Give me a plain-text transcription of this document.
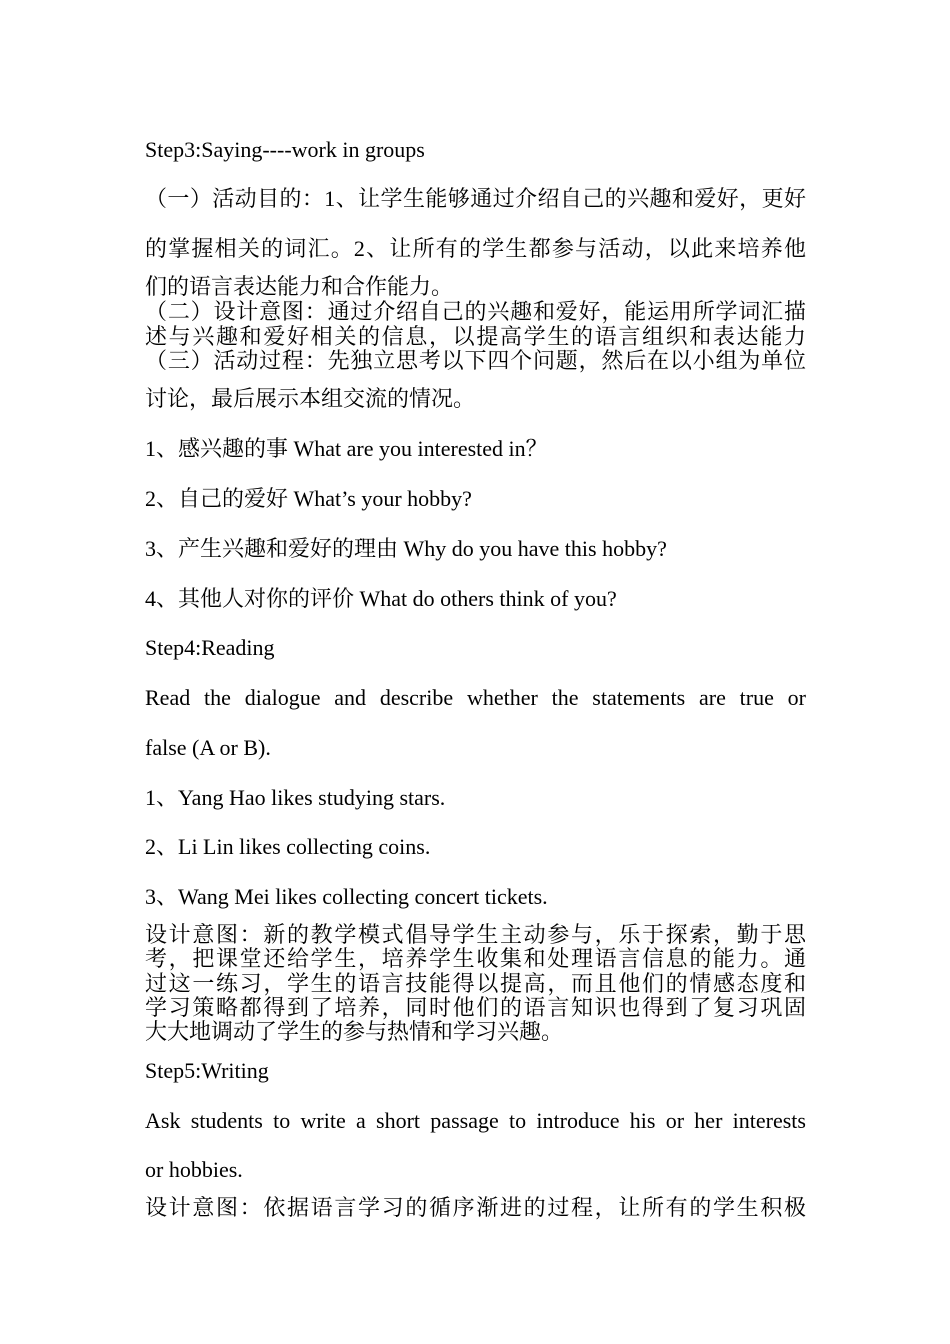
Step3:Saying----work in groups
（一）活动目的：1、让学生能够通过介绍自己的兴趣和爱好，更好
的掌握相关的词汇。2、让所有的学生都参与活动，以此来培养他
们的语言表达能力和合作能力。
（二）设计意图：通过介绍自己的兴趣和爱好，能运用所学词汇描
述与兴趣和爱好相关的信息，以提高学生的语言组织和表达能力
（三）活动过程：先独立思考以下四个问题，然后在以小组为单位
讨论，最后展示本组交流的情况。
1、感兴趣的事 What are you interested in？
2、自己的爱好 What’s your hobby?
3、产生兴趣和爱好的理由 Why do you have this hobby?
4、其他人对你的评价 What do others think of you?
Step4:Reading
Read the dialogue and describe whether the statements are true or
false (A or B).
1、Yang Hao likes studying stars.
2、Li Lin likes collecting coins.
3、Wang Mei likes collecting concert tickets.
设计意图：新的教学模式倡导学生主动参与，乐于探索，勤于思
考，把课堂还给学生，培养学生收集和处理语言信息的能力。通
过这一练习，学生的语言技能得以提高，而且他们的情感态度和
学习策略都得到了培养，同时他们的语言知识也得到了复习巩固
大大地调动了学生的参与热情和学习兴趣。
Step5:Writing
Ask students to write a short passage to introduce his or her interests
or hobbies.
设计意图：依据语言学习的循序渐进的过程，让所有的学生积极
